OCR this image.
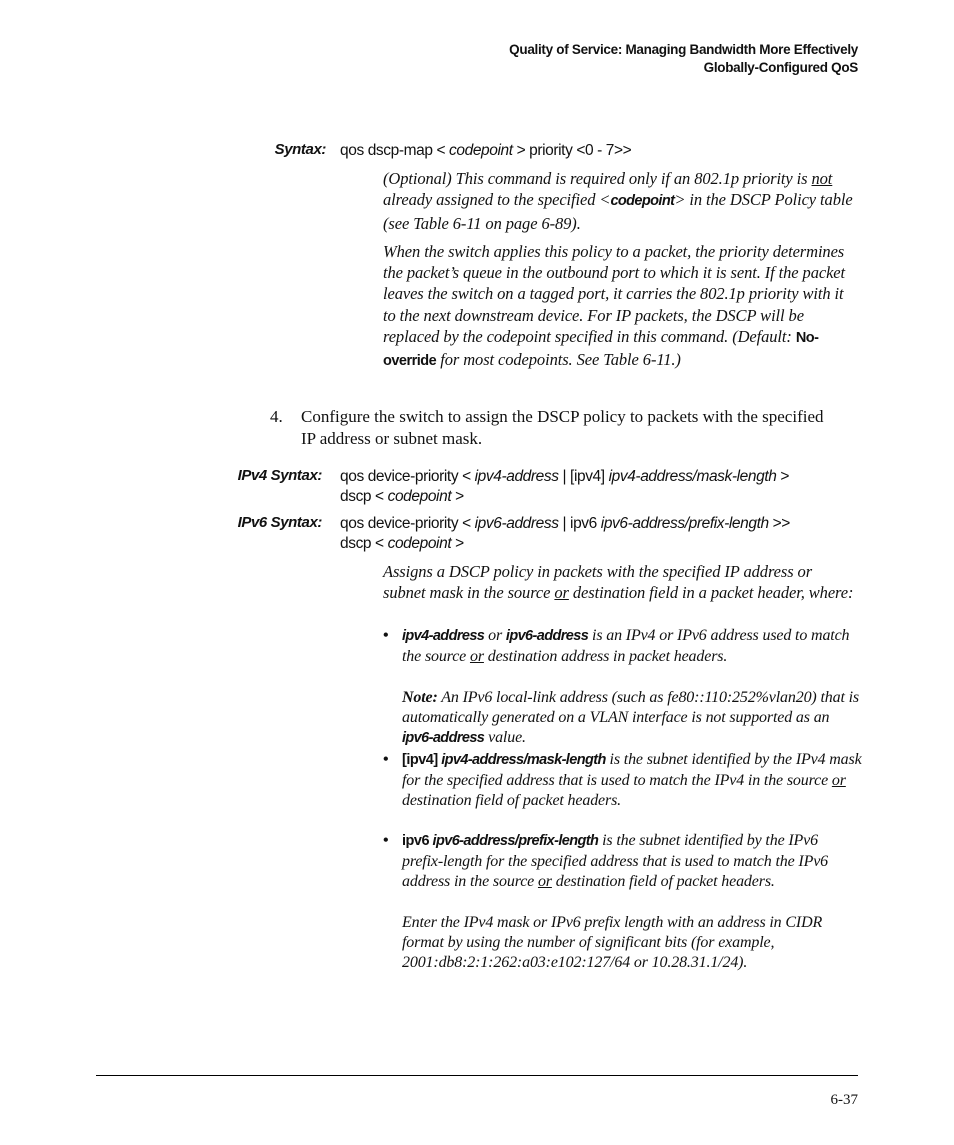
Quality of Service: Managing Bandwidth More Effectively
Globally-Configured QoS
Syntax: qos dscp-map < codepoint > priority <0 - 7>>
(Optional) This command is required only if an 802.1p priority is not already assigned to the specified <codepoint> in the DSCP Policy table (see Table 6-11 on page 6-89).
When the switch applies this policy to a packet, the priority determines the packet’s queue in the outbound port to which it is sent. If the packet leaves the switch on a tagged port, it carries the 802.1p priority with it to the next downstream device. For IP packets, the DSCP will be replaced by the codepoint specified in this command. (Default: No-override for most codepoints. See Table 6-11.)
4. Configure the switch to assign the DSCP policy to packets with the specified IP address or subnet mask.
IPv4 Syntax: qos device-priority < ipv4-address | [ipv4] ipv4-address/mask-length >
dscp < codepoint >
IPv6 Syntax: qos device-priority < ipv6-address | ipv6 ipv6-address/prefix-length >>
dscp < codepoint >
Assigns a DSCP policy in packets with the specified IP address or subnet mask in the source or destination field in a packet header, where:
• ipv4-address or ipv6-address is an IPv4 or IPv6 address used to match the source or destination address in packet headers.
Note: An IPv6 local-link address (such as fe80::110:252%vlan20) that is automatically generated on a VLAN interface is not supported as an ipv6-address value.
• [ipv4] ipv4-address/mask-length is the subnet identified by the IPv4 mask for the specified address that is used to match the IPv4 in the source or destination field of packet headers.
• ipv6 ipv6-address/prefix-length is the subnet identified by the IPv6 prefix-length for the specified address that is used to match the IPv6 address in the source or destination field of packet headers.
Enter the IPv4 mask or IPv6 prefix length with an address in CIDR format by using the number of significant bits (for example, 2001:db8:2:1:262:a03:e102:127/64 or 10.28.31.1/24).
6-37
